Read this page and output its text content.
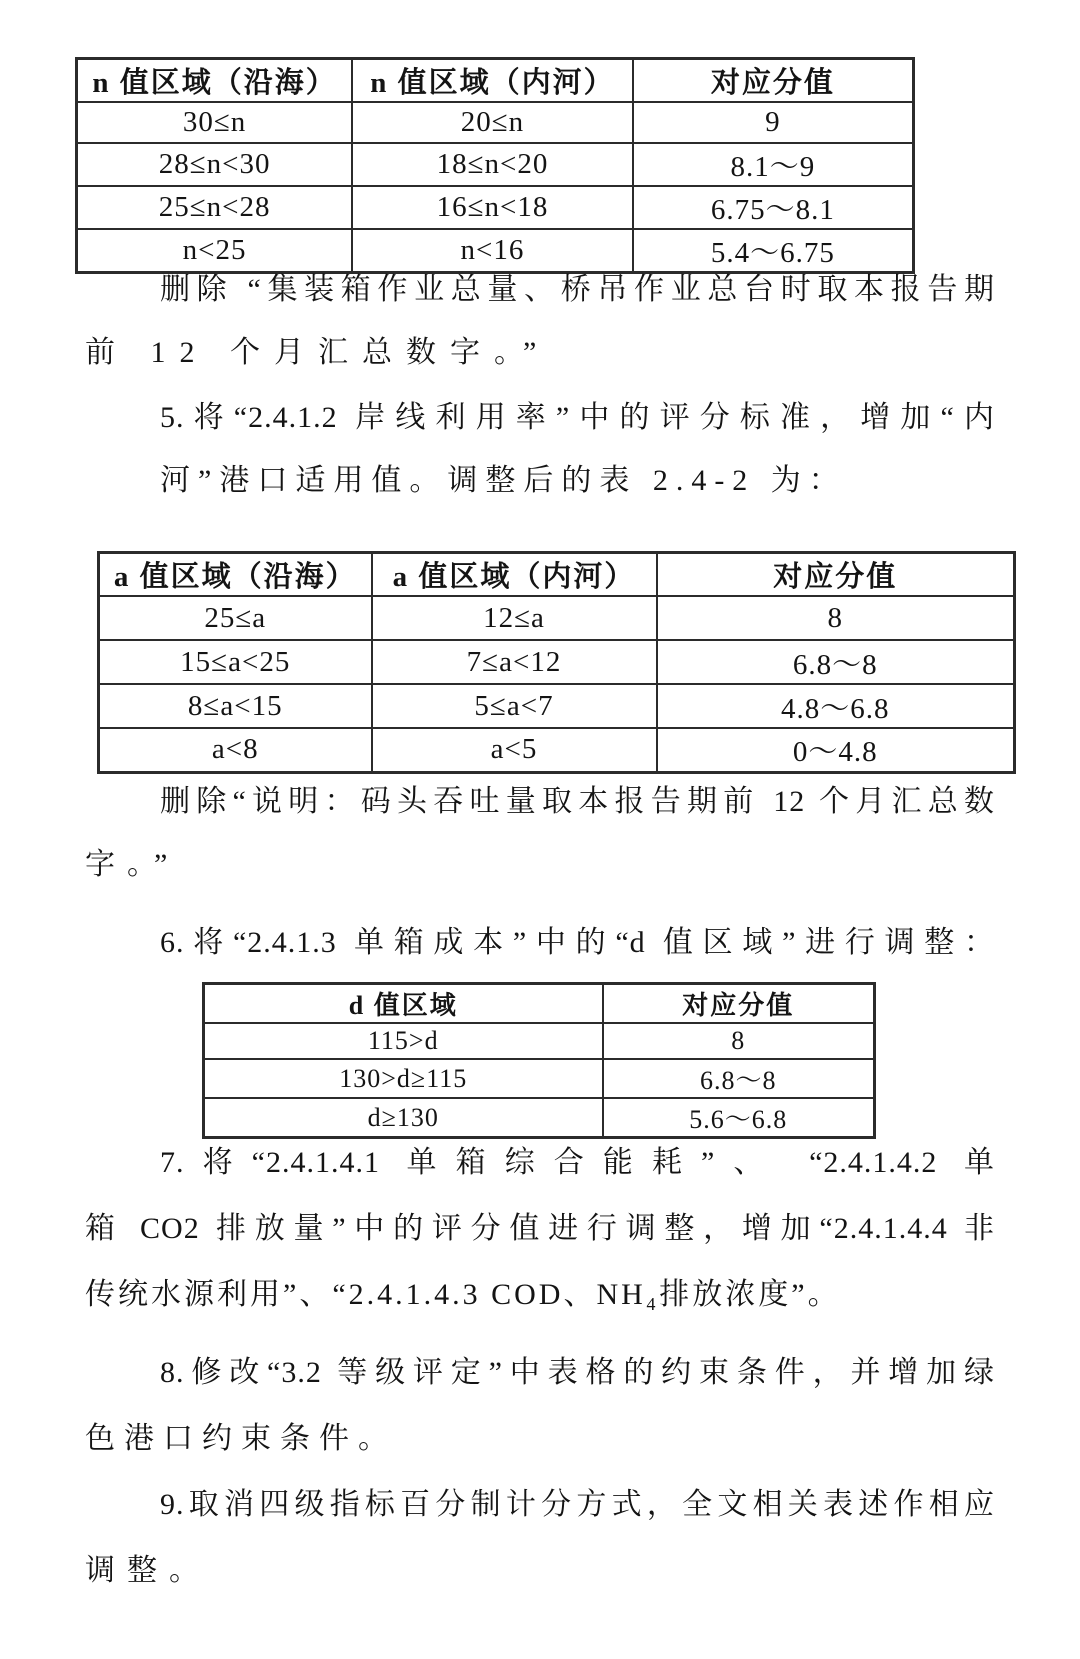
n 值区域（沿海）	n 值区域（内河）	对应分值
30≤n	20≤n	9
28≤n<30	18≤n<20	8.1～9
25≤n<28	16≤n<18	6.75～8.1
n<25	n<16	5.4～6.75
删除 “集装箱作业总量、桥吊作业总台时取本报告期
前 12 个月汇总数字。”
5.将“2.4.1.2 岸线利用率”中的评分标准，增加“内
河”港口适用值。调整后的表 2.4-2 为：
a 值区域（沿海）	a 值区域（内河）	对应分值
25≤a	12≤a	8
15≤a<25	7≤a<12	6.8～8
8≤a<15	5≤a<7	4.8～6.8
a<8	a<5	0～4.8
删除“说明：码头吞吐量取本报告期前 12 个月汇总数
字。”
6.将“2.4.1.3 单箱成本”中的“d 值区域”进行调整：
d 值区域	对应分值
115>d	8
130>d≥115	6.8～8
d≥130	5.6～6.8
7.将“2.4.1.4.1 单箱综合能耗”、 “2.4.1.4.2 单
箱 CO2 排放量”中的评分值进行调整，增加“2.4.1.4.4 非
传统水源利用”、“2.4.1.4.3 COD、NH₄排放浓度”。
8.修改“3.2 等级评定”中表格的约束条件，并增加绿
色港口约束条件。
9.取消四级指标百分制计分方式，全文相关表述作相应
调整。
